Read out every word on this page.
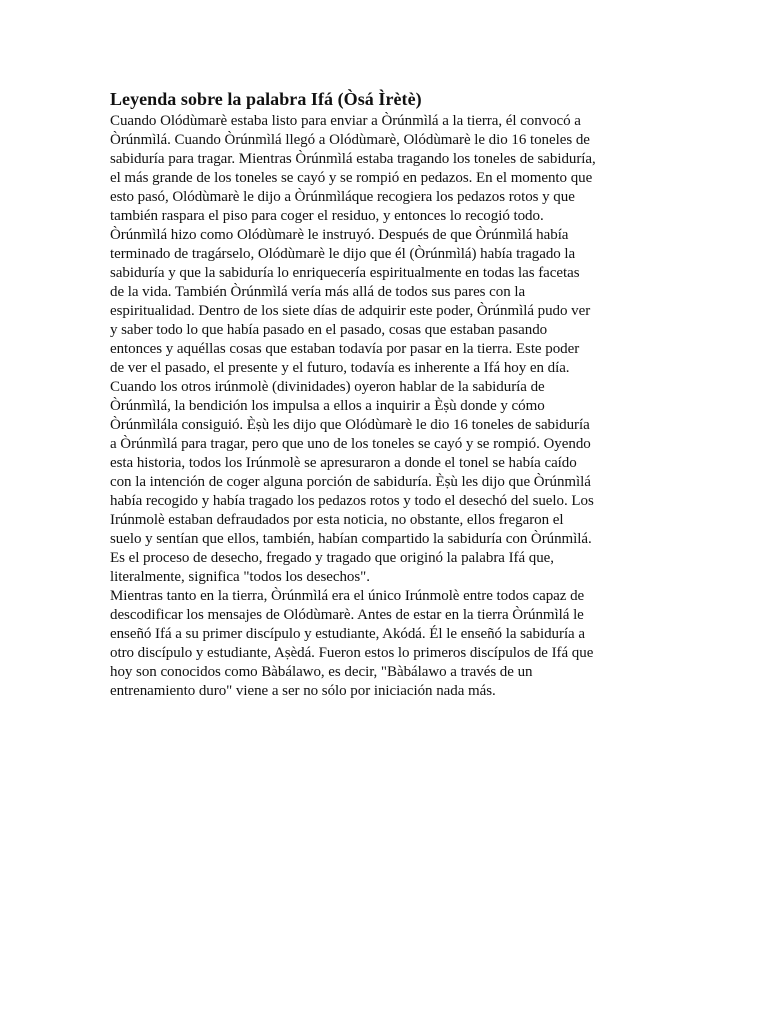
Leyenda sobre la palabra Ifá (Òsá Ìrètè)
Cuando Olódùmarè estaba listo para enviar a Òrúnmìlá a la tierra, él convocó a
Òrúnmìlá. Cuando Òrúnmìlá llegó a Olódùmarè, Olódùmarè le dio 16 toneles de
sabiduría para tragar. Mientras Òrúnmìlá estaba tragando los toneles de sabiduría,
el más grande de los toneles se cayó y se rompió en pedazos. En el momento que
esto pasó, Olódùmarè le dijo a Òrúnmìláque recogiera los pedazos rotos y que
también raspara el piso para coger el residuo, y entonces lo recogió todo.
Òrúnmìlá hizo como Olódùmarè le instruyó. Después de que Òrúnmìlá había
terminado de tragárselo, Olódùmarè le dijo que él (Òrúnmìlá) había tragado la
sabiduría y que la sabiduría lo enriquecería espiritualmente en todas las facetas
de la vida. También Òrúnmìlá vería más allá de todos sus pares con la
espiritualidad. Dentro de los siete días de adquirir este poder, Òrúnmìlá pudo ver
y saber todo lo que había pasado en el pasado, cosas que estaban pasando
entonces y aquéllas cosas que estaban todavía por pasar en la tierra. Este poder
de ver el pasado, el presente y el futuro, todavía es inherente a Ifá hoy en día.
Cuando los otros irúnmolè (divinidades) oyeron hablar de la sabiduría de
Òrúnmìlá, la bendición los impulsa a ellos a inquirir a Èṣù donde y cómo
Òrúnmìlála consiguió. Èṣù les dijo que Olódùmarè le dio 16 toneles de sabiduría
a Òrúnmìlá para tragar, pero que uno de los toneles se cayó y se rompió. Oyendo
esta historia, todos los Irúnmolè se apresuraron a donde el tonel se había caído
con la intención de coger alguna porción de sabiduría. Èṣù les dijo que Òrúnmìlá
había recogido y había tragado los pedazos rotos y todo el desechó del suelo. Los
Irúnmolè estaban defraudados por esta noticia, no obstante, ellos fregaron el
suelo y sentían que ellos, también, habían compartido la sabiduría con Òrúnmìlá.
Es el proceso de desecho, fregado y tragado que originó la palabra Ifá que,
literalmente, significa "todos los desechos".
Mientras tanto en la tierra, Òrúnmìlá era el único Irúnmolè entre todos capaz de
descodificar los mensajes de Olódùmarè. Antes de estar en la tierra Òrúnmìlá le
enseñó Ifá a su primer discípulo y estudiante, Akódá. Él le enseñó la sabiduría a
otro discípulo y estudiante, Aṣèdá. Fueron estos lo primeros discípulos de Ifá que
hoy son conocidos como Bàbálawo, es decir, "Bàbálawo a través de un
entrenamiento duro" viene a ser no sólo por iniciación nada más.
